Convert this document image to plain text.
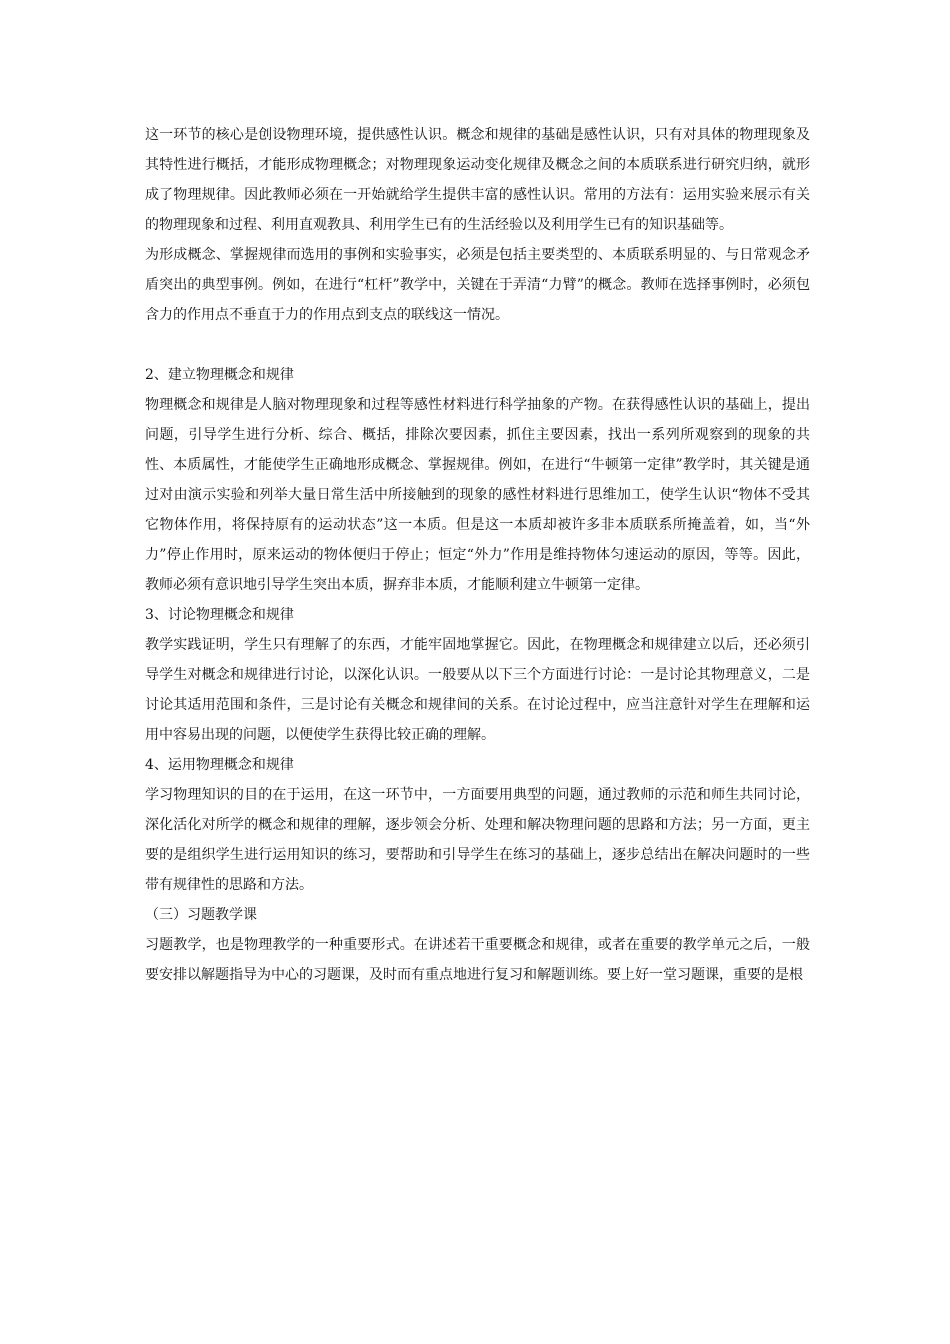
这一环节的核心是创设物理环境，提供感性认识。概念和规律的基础是感性认识，只有对具体的物理现象及其特性进行概括，才能形成物理概念；对物理现象运动变化规律及概念之间的本质联系进行研究归纳，就形成了物理规律。因此教师必须在一开始就给学生提供丰富的感性认识。常用的方法有：运用实验来展示有关的物理现象和过程、利用直观教具、利用学生已有的生活经验以及利用学生已有的知识基础等。

为形成概念、掌握规律而选用的事例和实验事实，必须是包括主要类型的、本质联系明显的、与日常观念矛盾突出的典型事例。例如，在进行“杠杆”教学中，关键在于弄清“力臂”的概念。教师在选择事例时，必须包含力的作用点不垂直于力的作用点到支点的联线这一情况。

2、建立物理概念和规律

物理概念和规律是人脑对物理现象和过程等感性材料进行科学抽象的产物。在获得感性认识的基础上，提出问题，引导学生进行分析、综合、概括，排除次要因素，抓住主要因素，找出一系列所观察到的现象的共性、本质属性，才能使学生正确地形成概念、掌握规律。例如，在进行“牛顿第一定律”教学时，其关键是通过对由演示实验和列举大量日常生活中所接触到的现象的感性材料进行思维加工，使学生认识“物体不受其它物体作用，将保持原有的运动状态”这一本质。但是这一本质却被许多非本质联系所掩盖着，如，当“外力”停止作用时，原来运动的物体便归于停止；恒定“外力”作用是维持物体匀速运动的原因，等等。因此，教师必须有意识地引导学生突出本质，摒弃非本质，才能顺利建立牛顿第一定律。

3、讨论物理概念和规律

教学实践证明，学生只有理解了的东西，才能牢固地掌握它。因此，在物理概念和规律建立以后，还必须引导学生对概念和规律进行讨论，以深化认识。一般要从以下三个方面进行讨论：一是讨论其物理意义，二是讨论其适用范围和条件，三是讨论有关概念和规律间的关系。在讨论过程中，应当注意针对学生在理解和运用中容易出现的问题，以便使学生获得比较正确的理解。

4、运用物理概念和规律

学习物理知识的目的在于运用，在这一环节中，一方面要用典型的问题，通过教师的示范和师生共同讨论，深化活化对所学的概念和规律的理解，逐步领会分析、处理和解决物理问题的思路和方法；另一方面，更主要的是组织学生进行运用知识的练习，要帮助和引导学生在练习的基础上，逐步总结出在解决问题时的一些带有规律性的思路和方法。

（三）习题教学课

习题教学，也是物理教学的一种重要形式。在讲述若干重要概念和规律，或者在重要的教学单元之后，一般要安排以解题指导为中心的习题课，及时而有重点地进行复习和解题训练。要上好一堂习题课，重要的是根
